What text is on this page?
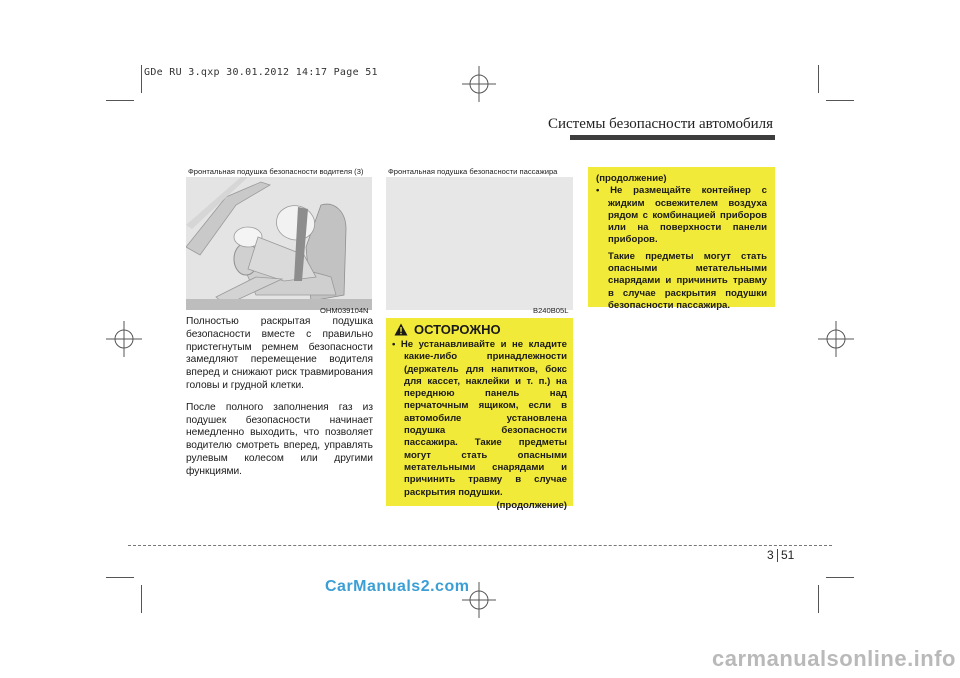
GDe RU 3.qxp 30.01.2012 14:17 Page 51
Системы безопасности автомобиля
Фронтальная подушка безопасности водителя (3)
OHM039104N
Фронтальная подушка безопасности пассажира
B240B05L

Полностью раскрытая подушка безопасности вместе с правильно пристегнутым ремнем безопасности замедляют перемещение водителя вперед и снижают риск травмирования головы и грудной клетки.

После полного заполнения газ из подушек безопасности начинает немедленно выходить, что позволяет водителю смотреть вперед, управлять рулевым колесом или другими функциями.

ОСТОРОЖНО
• Не устанавливайте и не кладите какие-либо принадлежности (держатель для напитков, бокс для кассет, наклейки и т. п.) на переднюю панель над перчаточным ящиком, если в автомобиле установлена подушка безопасности пассажира. Такие предметы могут стать опасными метательными снарядами и причинить травму в случае раскрытия подушки.
(продолжение)
(продолжение)
• Не размещайте контейнер с жидким освежителем воздуха рядом с комбинацией приборов или на поверхности панели приборов.
Такие предметы могут стать опасными метательными снарядами и причинить травму в случае раскрытия подушки безопасности пассажира.
3 51
CarManuals2.com
carmanualsonline.info
